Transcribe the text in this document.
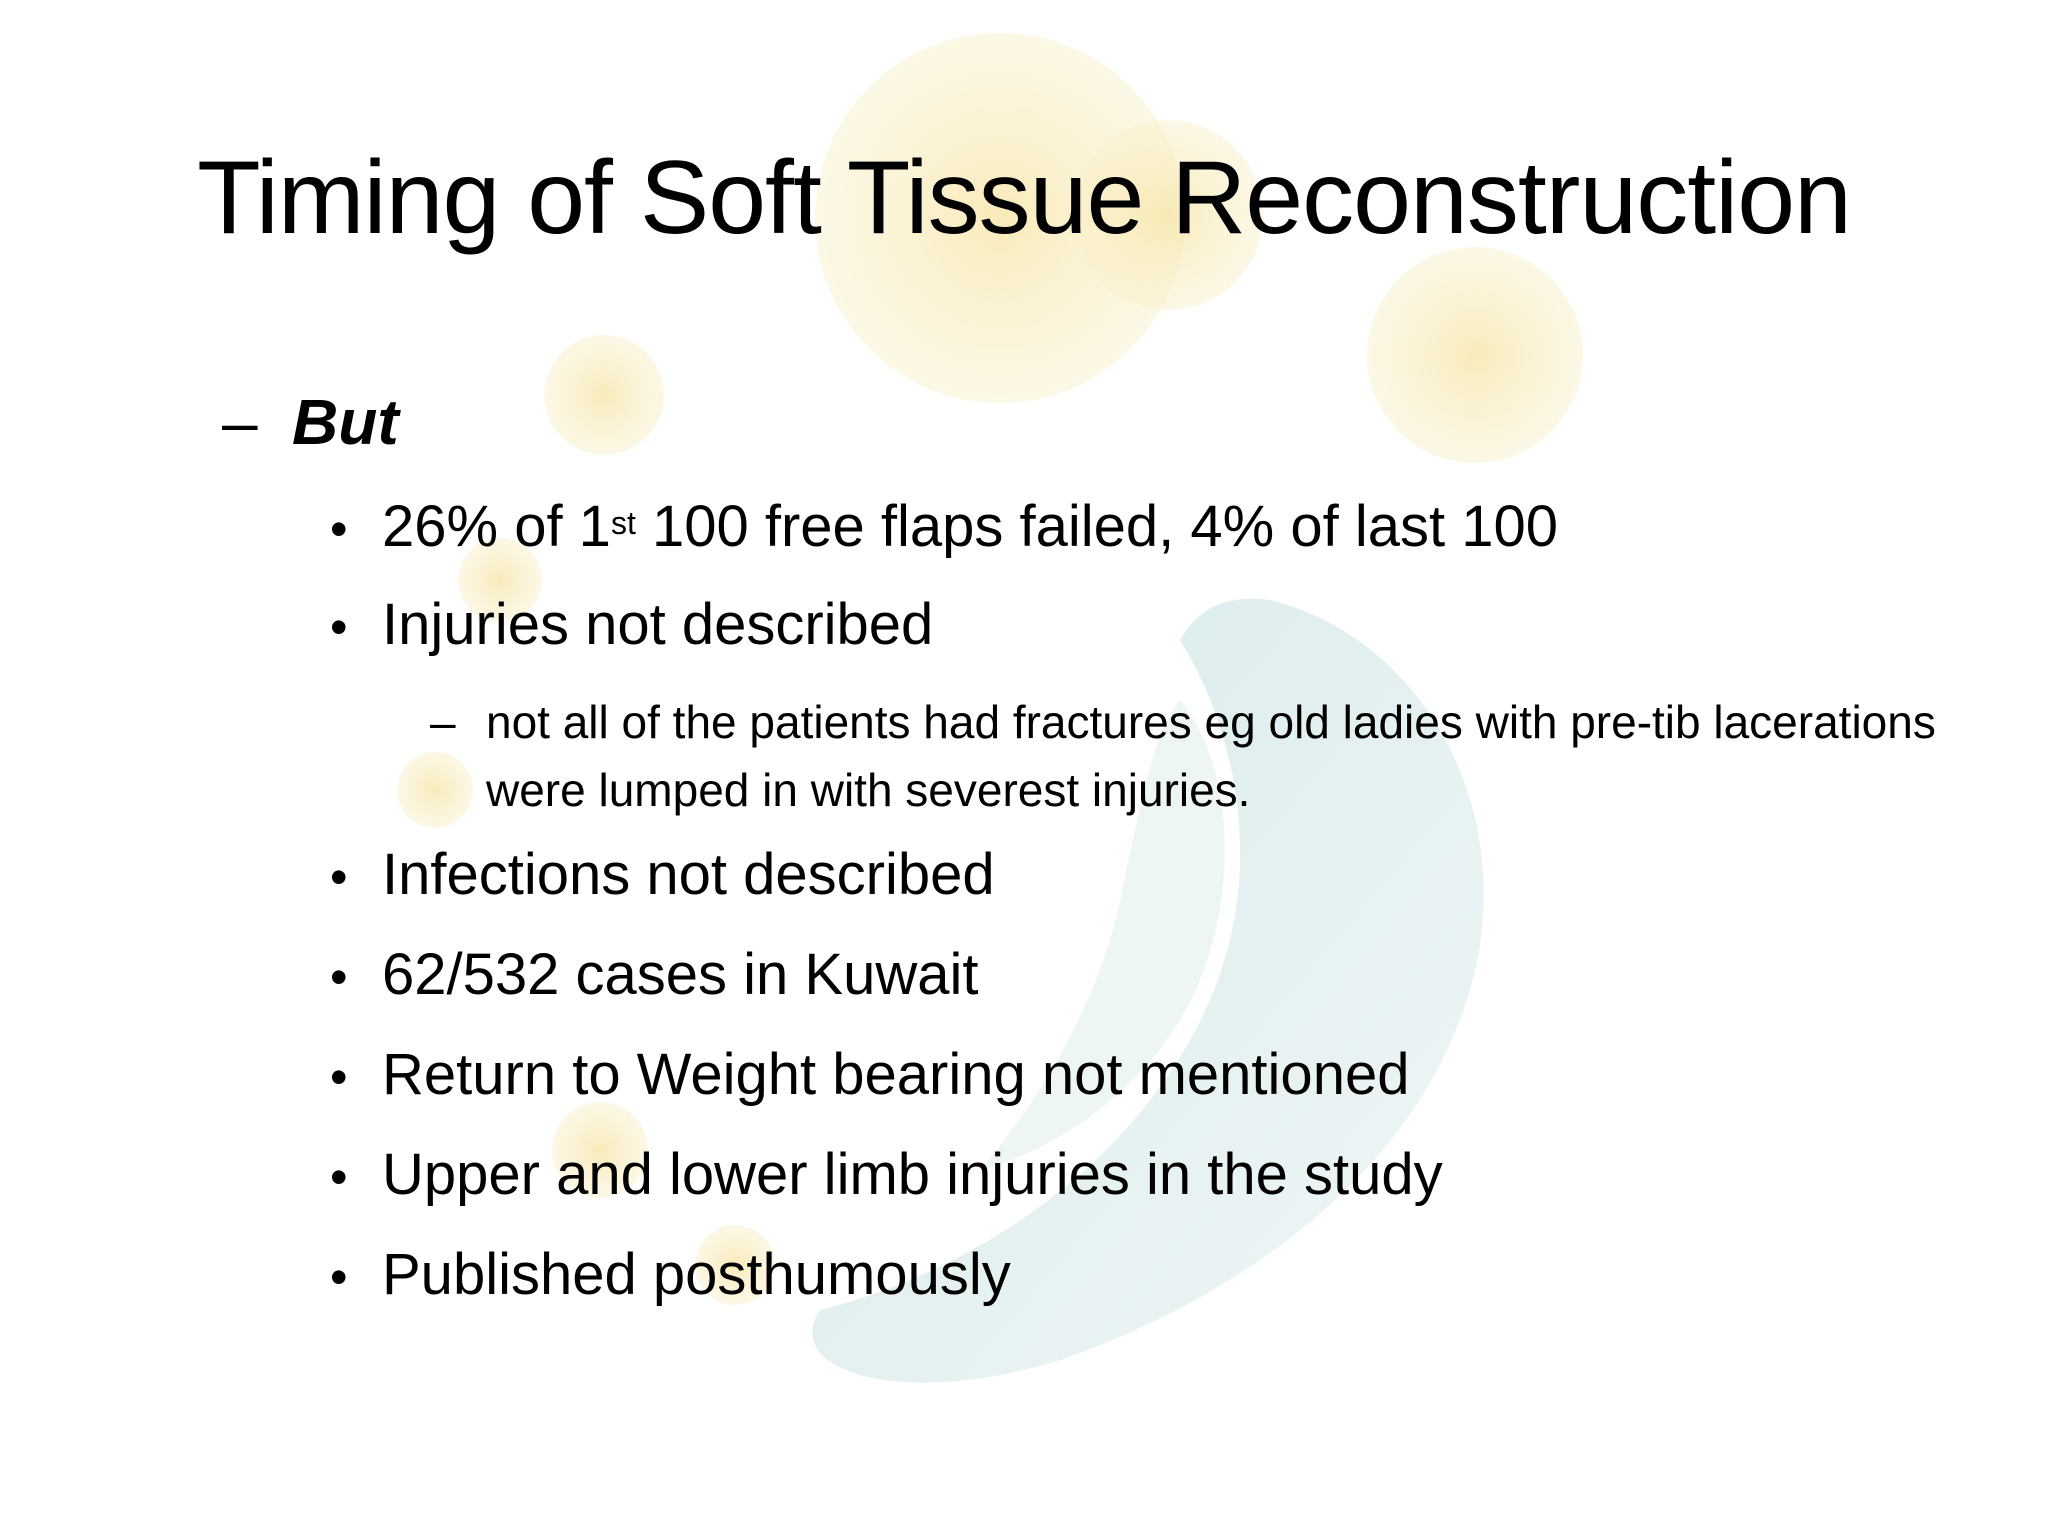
Timing of Soft Tissue Reconstruction
– But
• 26% of 1st 100 free flaps failed, 4% of last 100
• Injuries not described
– not all of the patients had fractures eg old ladies with pre-tib lacerations were lumped in with severest injuries.
• Infections not described
• 62/532 cases in Kuwait
• Return to Weight bearing not mentioned
• Upper and lower limb injuries in the study
• Published posthumously
